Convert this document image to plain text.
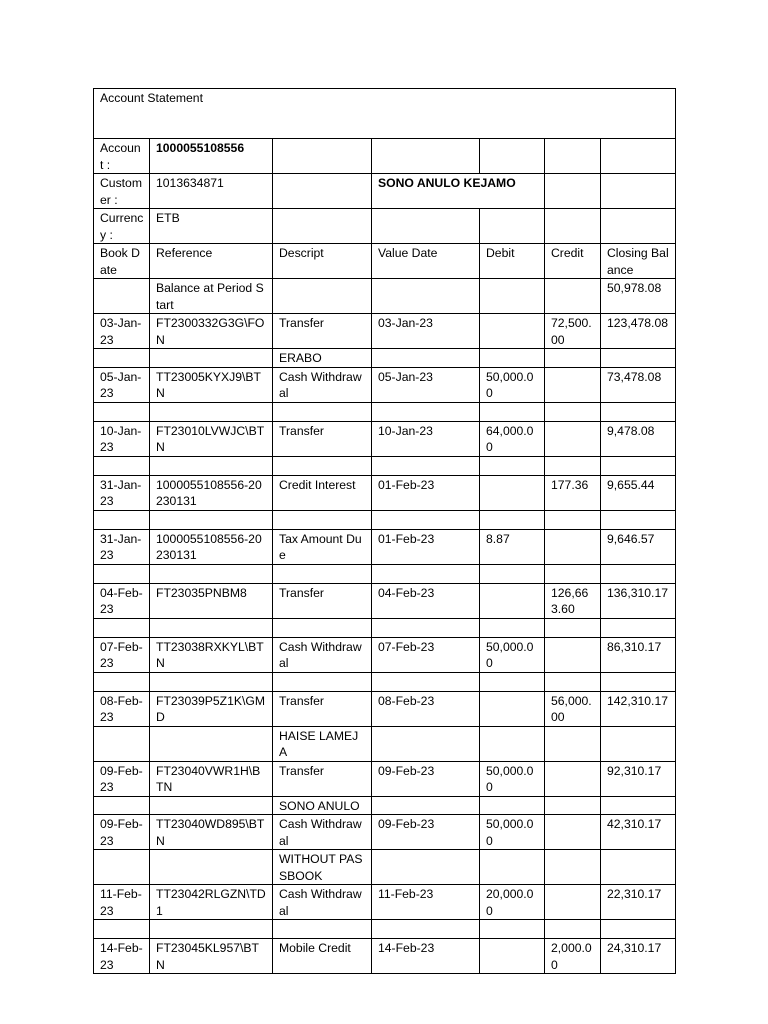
Account Statement						
Account :	1000055108556					
Customer :	1013634871		SONO ANULO KEJAMO			
Currency :	ETB					
Book Date	Reference	Descript	Value Date	Debit	Credit	Closing Balance
	Balance at Period Start					50,978.08
03-Jan-23	FT2300332G3G\FON	Transfer	03-Jan-23		72,500.00	123,478.08
		ERABO				
05-Jan-23	TT23005KYXJ9\BTN	Cash Withdrawal	05-Jan-23	50,000.00		73,478.08

10-Jan-23	FT23010LVWJC\BTN	Transfer	10-Jan-23	64,000.00		9,478.08

31-Jan-23	1000055108556-20230131	Credit Interest	01-Feb-23		177.36	9,655.44

31-Jan-23	1000055108556-20230131	Tax Amount Due	01-Feb-23	8.87		9,646.57

04-Feb-23	FT23035PNBM8	Transfer	04-Feb-23		126,663.60	136,310.17

07-Feb-23	TT23038RXKYL\BTN	Cash Withdrawal	07-Feb-23	50,000.00		86,310.17

08-Feb-23	FT23039P5Z1K\GMD	Transfer	08-Feb-23		56,000.00	142,310.17
		HAISE LAMEJA				
09-Feb-23	FT23040VWR1H\BTN	Transfer	09-Feb-23	50,000.00		92,310.17
		SONO ANULO				
09-Feb-23	TT23040WD895\BTN	Cash Withdrawal	09-Feb-23	50,000.00		42,310.17
		WITHOUT PASSBOOK				
11-Feb-23	TT23042RLGZN\TD1	Cash Withdrawal	11-Feb-23	20,000.00		22,310.17

14-Feb-23	FT23045KL957\BTN	Mobile Credit	14-Feb-23		2,000.00	24,310.17
